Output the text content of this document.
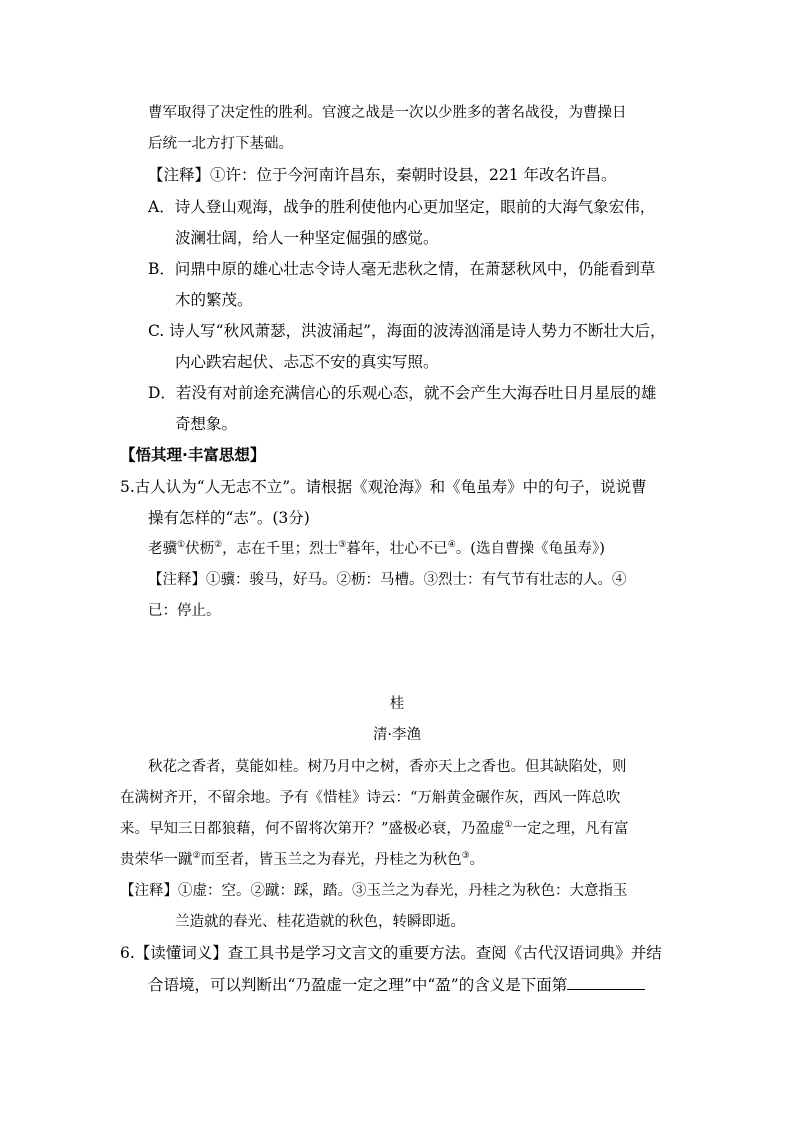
曹军取得了决定性的胜利。官渡之战是一次以少胜多的著名战役，为曹操日
后统一北方打下基础。
【注释】①许：位于今河南许昌东，秦朝时设县，221 年改名许昌。
A．诗人登山观海，战争的胜利使他内心更加坚定，眼前的大海气象宏伟，
波澜壮阔，给人一种坚定倔强的感觉。
B．问鼎中原的雄心壮志令诗人毫无悲秋之情，在萧瑟秋风中，仍能看到草
木的繁茂。
C. 诗人写“秋风萧瑟，洪波涌起”，海面的波涛汹涌是诗人势力不断壮大后，
内心跌宕起伏、忐忑不安的真实写照。
D．若没有对前途充满信心的乐观心态，就不会产生大海吞吐日月星辰的雄
奇想象。
【悟其理·丰富思想】
5.古人认为“人无志不立”。请根据《观沧海》和《龟虽寿》中的句子，说说曹
操有怎样的“志”。(3分)
老骥①伏枥②，志在千里；烈士③暮年，壮心不已④。(选自曹操《龟虽寿》)
【注释】①骥：骏马，好马。②枥：马槽。③烈士：有气节有壮志的人。④
已：停止。
桂
清·李渔
秋花之香者，莫能如桂。树乃月中之树，香亦天上之香也。但其缺陷处，则
在满树齐开，不留余地。予有《惜桂》诗云：“万斛黄金碾作灰，西风一阵总吹
来。早知三日都狼藉，何不留将次第开？”盛极必衰，乃盈虚①一定之理，凡有富
贵荣华一蹴②而至者，皆玉兰之为春光，丹桂之为秋色③。
【注释】①虚：空。②蹴：踩，踏。③玉兰之为春光，丹桂之为秋色：大意指玉
兰造就的春光、桂花造就的秋色，转瞬即逝。
6.【读懂词义】查工具书是学习文言文的重要方法。查阅《古代汉语词典》并结
合语境，可以判断出“乃盈虚一定之理”中“盈”的含义是下面第
